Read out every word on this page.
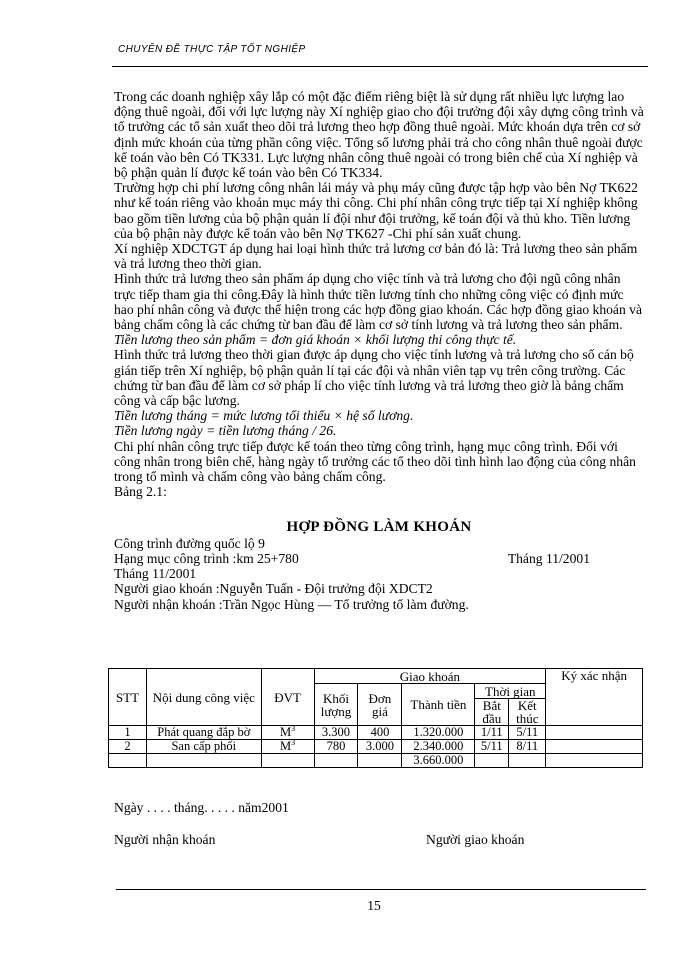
CHUYÊN ĐỀ THỰC TẬP TỐT NGHIỆP

Trong các doanh nghiệp xây lắp có một đặc điểm riêng biệt là sử dụng rất nhiều lực lượng lao động thuê ngoài, đối với lực lượng này Xí nghiệp giao cho đội trưởng đội xây dựng công trình và tổ trưởng các tổ sản xuất theo dõi trả lương theo hợp đồng thuê ngoài. Mức khoán dựa trên cơ sở định mức khoán của từng phần công việc. Tổng số lương phải trả cho công nhân thuê ngoài được kế toán vào bên Có TK331. Lực lượng nhân công thuê ngoài có trong biên chế của Xí nghiệp và bộ phận quản lí được kế toán vào bên Có TK334.

Trường hợp chi phí lương công nhân lái máy và phụ máy cũng được tập hợp vào bên Nợ TK622 như kế toán riêng vào khoản mục máy thi công. Chi phí nhân công trực tiếp tại Xí nghiệp không bao gồm tiền lương của bộ phận quản lí đội như đội trưởng, kế toán đội và thủ kho. Tiền lương của bộ phận này được kế toán vào bên Nợ TK627 -Chi phí sản xuất chung.

Xí nghiệp XDCTGT áp dụng hai loại hình thức trả lương cơ bản đó là: Trả lương theo sản phẩm và trả lương theo thời gian.

Hình thức trả lương theo sản phẩm áp dụng cho việc tính và trả lương cho đội ngũ công nhân trực tiếp tham gia thi công.Đây là hình thức tiền lương tính cho những công việc có định mức hao phí nhân công và được thể hiện trong các hợp đồng giao khoán. Các hợp đồng giao khoán và bảng chấm công là các chứng từ ban đầu để làm cơ sở tính lương và trả lương theo sản phẩm.

Tiền lương theo sản phẩm = đơn giá khoán × khối lượng thi công thực tế.

Hình thức trả lương theo thời gian được áp dụng cho việc tính lương và trả lương cho số cán bộ gián tiếp trên Xí nghiệp, bộ phận quản lí tại các đội và nhân viên tạp vụ trên công trường. Các chứng từ ban đầu để làm cơ sở pháp lí cho việc tính lương và trả lương theo giờ là bảng chấm công và cấp bậc lương.

Tiền lương tháng = mức lương tối thiểu × hệ số lương.

Tiền lương ngày = tiền lương tháng / 26.

Chi phí nhân công trực tiếp được kế toán theo từng công trình, hạng mục công trình. Đối với công nhân trong biên chế, hàng ngày tổ trưởng các tổ theo dõi tình hình lao động của công nhân trong tổ mình và chấm công vào bảng chấm công.

Bảng 2.1:

HỢP ĐỒNG LÀM KHOÁN

Công trình đường quốc lộ 9

Hạng mục công trình :km 25+780	Tháng 11/2001

Tháng 11/2001

Người giao khoán :Nguyễn Tuấn - Đội trưởng đội XDCT2

Người nhận khoán :Trần Ngọc Hùng — Tổ trưởng tổ làm đường.

STT	Nội dung công việc	ĐVT	Giao khoán					Ký xác nhận
			Khối lượng	Đơn giá	Thành tiền	Thời gian		
						Bắt đầu	Kết thúc	
1	Phát quang đắp bờ	$M^3$	3.300	400	1.320.000	1/11	5/11	
2	San cấp phối	$M^3$	780	3.000	2.340.000	5/11	8/11	
					3.660.000			
Ngày . . . . tháng. . . . . năm2001
Người nhận khoán	Người giao khoán
15
